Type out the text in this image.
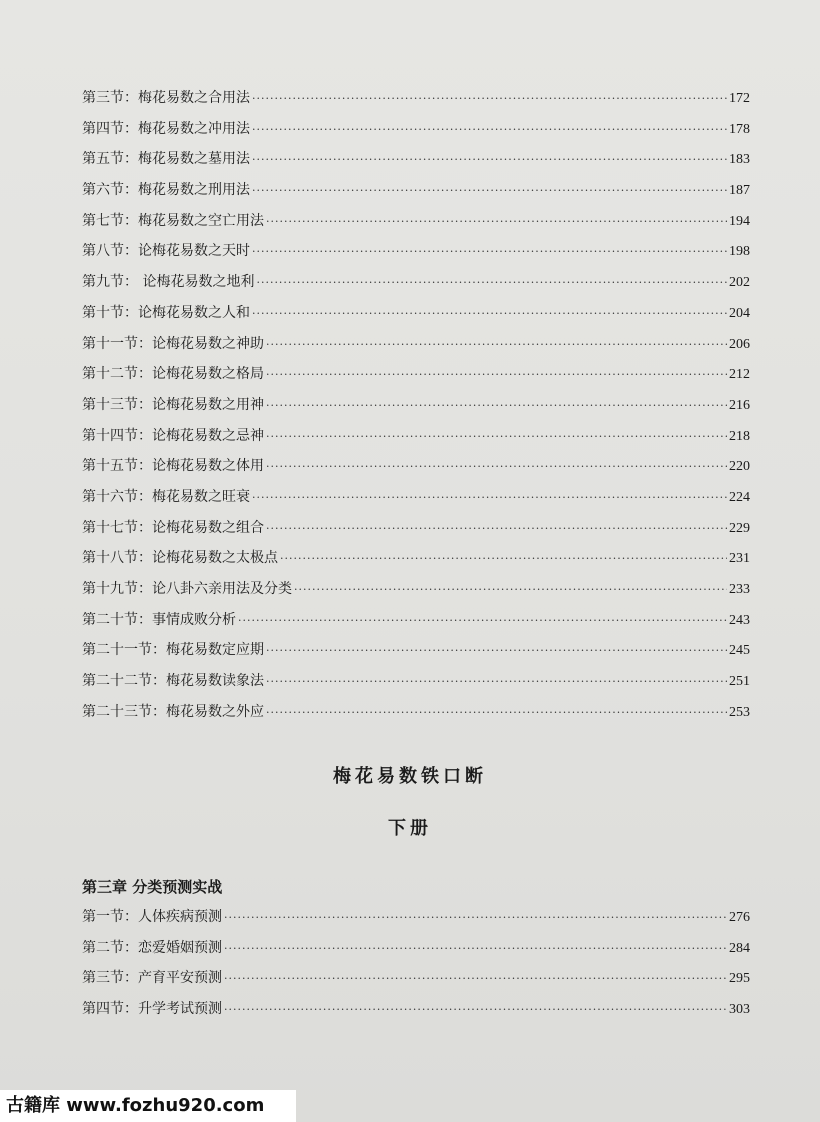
第三节：梅花易数之合用法 ·····	172
第四节：梅花易数之冲用法 ·····	178
第五节：梅花易数之墓用法 ·····	183
第六节：梅花易数之刑用法 ·····	187
第七节：梅花易数之空亡用法 ·····	194
第八节：论梅花易数之天时 ·····	198
第九节： 论梅花易数之地利 ·····	202
第十节：论梅花易数之人和 ·····	204
第十一节：论梅花易数之神助 ·····	206
第十二节：论梅花易数之格局 ·····	212
第十三节：论梅花易数之用神 ·····	216
第十四节：论梅花易数之忌神 ·····	218
第十五节：论梅花易数之体用 ·····	220
第十六节：梅花易数之旺衰 ·····	224
第十七节：论梅花易数之组合 ·····	229
第十八节：论梅花易数之太极点 ·····	231
第十九节：论八卦六亲用法及分类 ·····	233
第二十节：事情成败分析 ·····	243
第二十一节：梅花易数定应期 ·····	245
第二十二节：梅花易数读象法 ·····	251
第二十三节：梅花易数之外应 ·····	253
梅花易数铁口断
下册
第三章 分类预测实战
第一节：人体疾病预测 ·····	276
第二节：恋爱婚姻预测 ·····	284
第三节：产育平安预测 ·····	295
第四节：升学考试预测 ·····	303
古籍库 www.fozhu920.com
